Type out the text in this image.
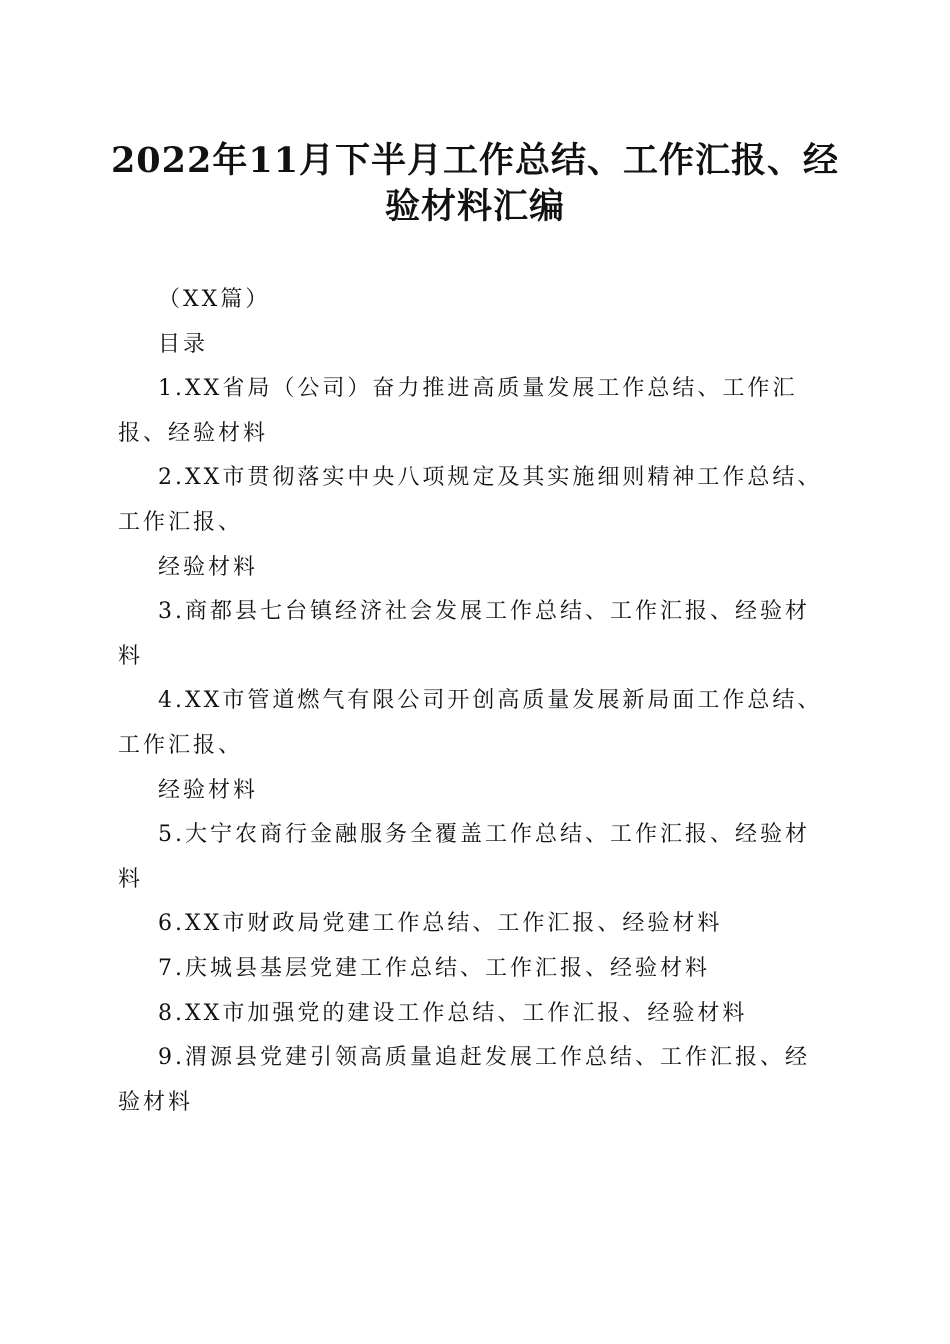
2022年11月下半月工作总结、工作汇报、经
验材料汇编
（XX篇）
目录
1.XX省局（公司）奋力推进高质量发展工作总结、工作汇
报、经验材料
2.XX市贯彻落实中央八项规定及其实施细则精神工作总结、
工作汇报、
经验材料
3.商都县七台镇经济社会发展工作总结、工作汇报、经验材
料
4.XX市管道燃气有限公司开创高质量发展新局面工作总结、
工作汇报、
经验材料
5.大宁农商行金融服务全覆盖工作总结、工作汇报、经验材
料
6.XX市财政局党建工作总结、工作汇报、经验材料
7.庆城县基层党建工作总结、工作汇报、经验材料
8.XX市加强党的建设工作总结、工作汇报、经验材料
9.渭源县党建引领高质量追赶发展工作总结、工作汇报、经
验材料
